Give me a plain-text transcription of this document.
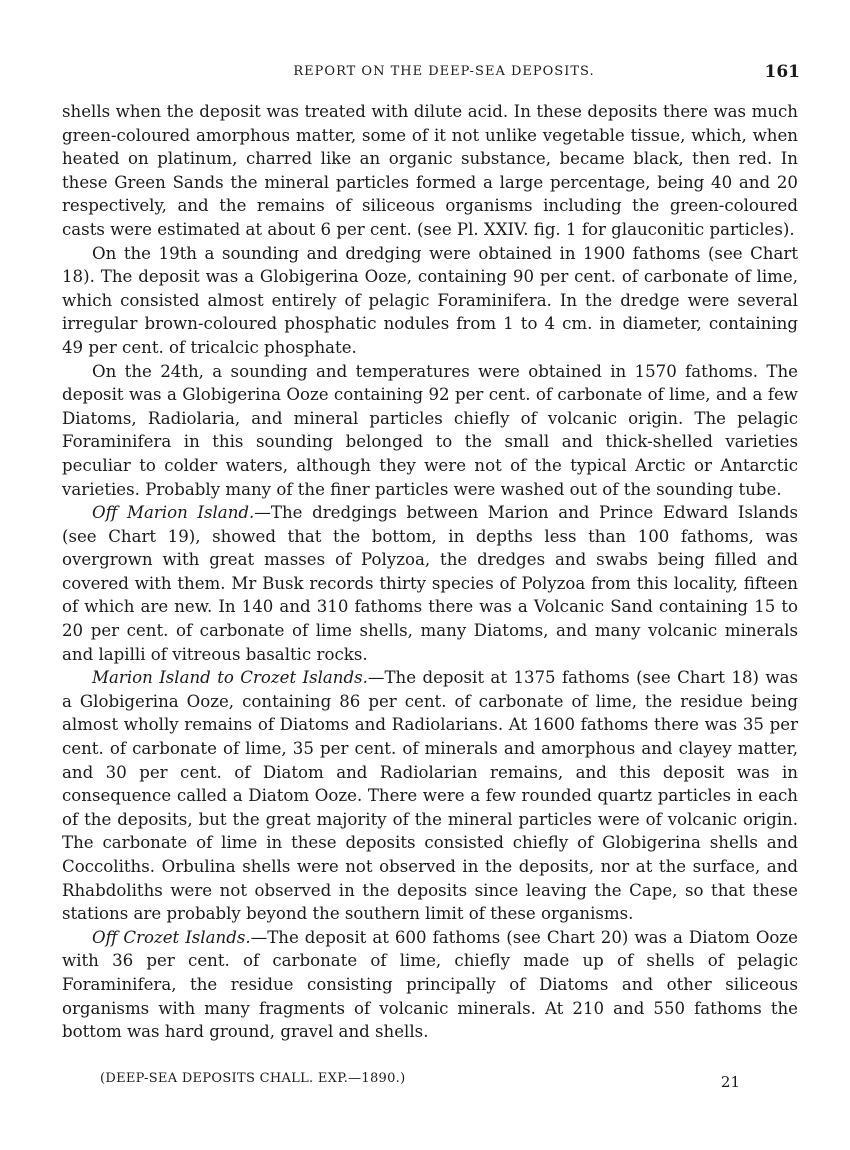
REPORT ON THE DEEP-SEA DEPOSITS.	161

shells when the deposit was treated with dilute acid. In these deposits there was much green-coloured amorphous matter, some of it not unlike vegetable tissue, which, when heated on platinum, charred like an organic substance, became black, then red. In these Green Sands the mineral particles formed a large percentage, being 40 and 20 respectively, and the remains of siliceous organisms including the green-coloured casts were estimated at about 6 per cent. (see Pl. XXIV. fig. 1 for glauconitic particles).

On the 19th a sounding and dredging were obtained in 1900 fathoms (see Chart 18). The deposit was a Globigerina Ooze, containing 90 per cent. of carbonate of lime, which consisted almost entirely of pelagic Foraminifera. In the dredge were several irregular brown-coloured phosphatic nodules from 1 to 4 cm. in diameter, containing 49 per cent. of tricalcic phosphate.

On the 24th, a sounding and temperatures were obtained in 1570 fathoms. The deposit was a Globigerina Ooze containing 92 per cent. of carbonate of lime, and a few Diatoms, Radiolaria, and mineral particles chiefly of volcanic origin. The pelagic Foraminifera in this sounding belonged to the small and thick-shelled varieties peculiar to colder waters, although they were not of the typical Arctic or Antarctic varieties. Probably many of the finer particles were washed out of the sounding tube.

Off Marion Island.—The dredgings between Marion and Prince Edward Islands (see Chart 19), showed that the bottom, in depths less than 100 fathoms, was overgrown with great masses of Polyzoa, the dredges and swabs being filled and covered with them. Mr Busk records thirty species of Polyzoa from this locality, fifteen of which are new. In 140 and 310 fathoms there was a Volcanic Sand containing 15 to 20 per cent. of carbonate of lime shells, many Diatoms, and many volcanic minerals and lapilli of vitreous basaltic rocks.

Marion Island to Crozet Islands.—The deposit at 1375 fathoms (see Chart 18) was a Globigerina Ooze, containing 86 per cent. of carbonate of lime, the residue being almost wholly remains of Diatoms and Radiolarians. At 1600 fathoms there was 35 per cent. of carbonate of lime, 35 per cent. of minerals and amorphous and clayey matter, and 30 per cent. of Diatom and Radiolarian remains, and this deposit was in consequence called a Diatom Ooze. There were a few rounded quartz particles in each of the deposits, but the great majority of the mineral particles were of volcanic origin. The carbonate of lime in these deposits consisted chiefly of Globigerina shells and Coccoliths. Orbulina shells were not observed in the deposits, nor at the surface, and Rhabdoliths were not observed in the deposits since leaving the Cape, so that these stations are probably beyond the southern limit of these organisms.

Off Crozet Islands.—The deposit at 600 fathoms (see Chart 20) was a Diatom Ooze with 36 per cent. of carbonate of lime, chiefly made up of shells of pelagic Foraminifera, the residue consisting principally of Diatoms and other siliceous organisms with many fragments of volcanic minerals. At 210 and 550 fathoms the bottom was hard ground, gravel and shells.

(DEEP-SEA DEPOSITS CHALL. EXP.—1890.)	21
